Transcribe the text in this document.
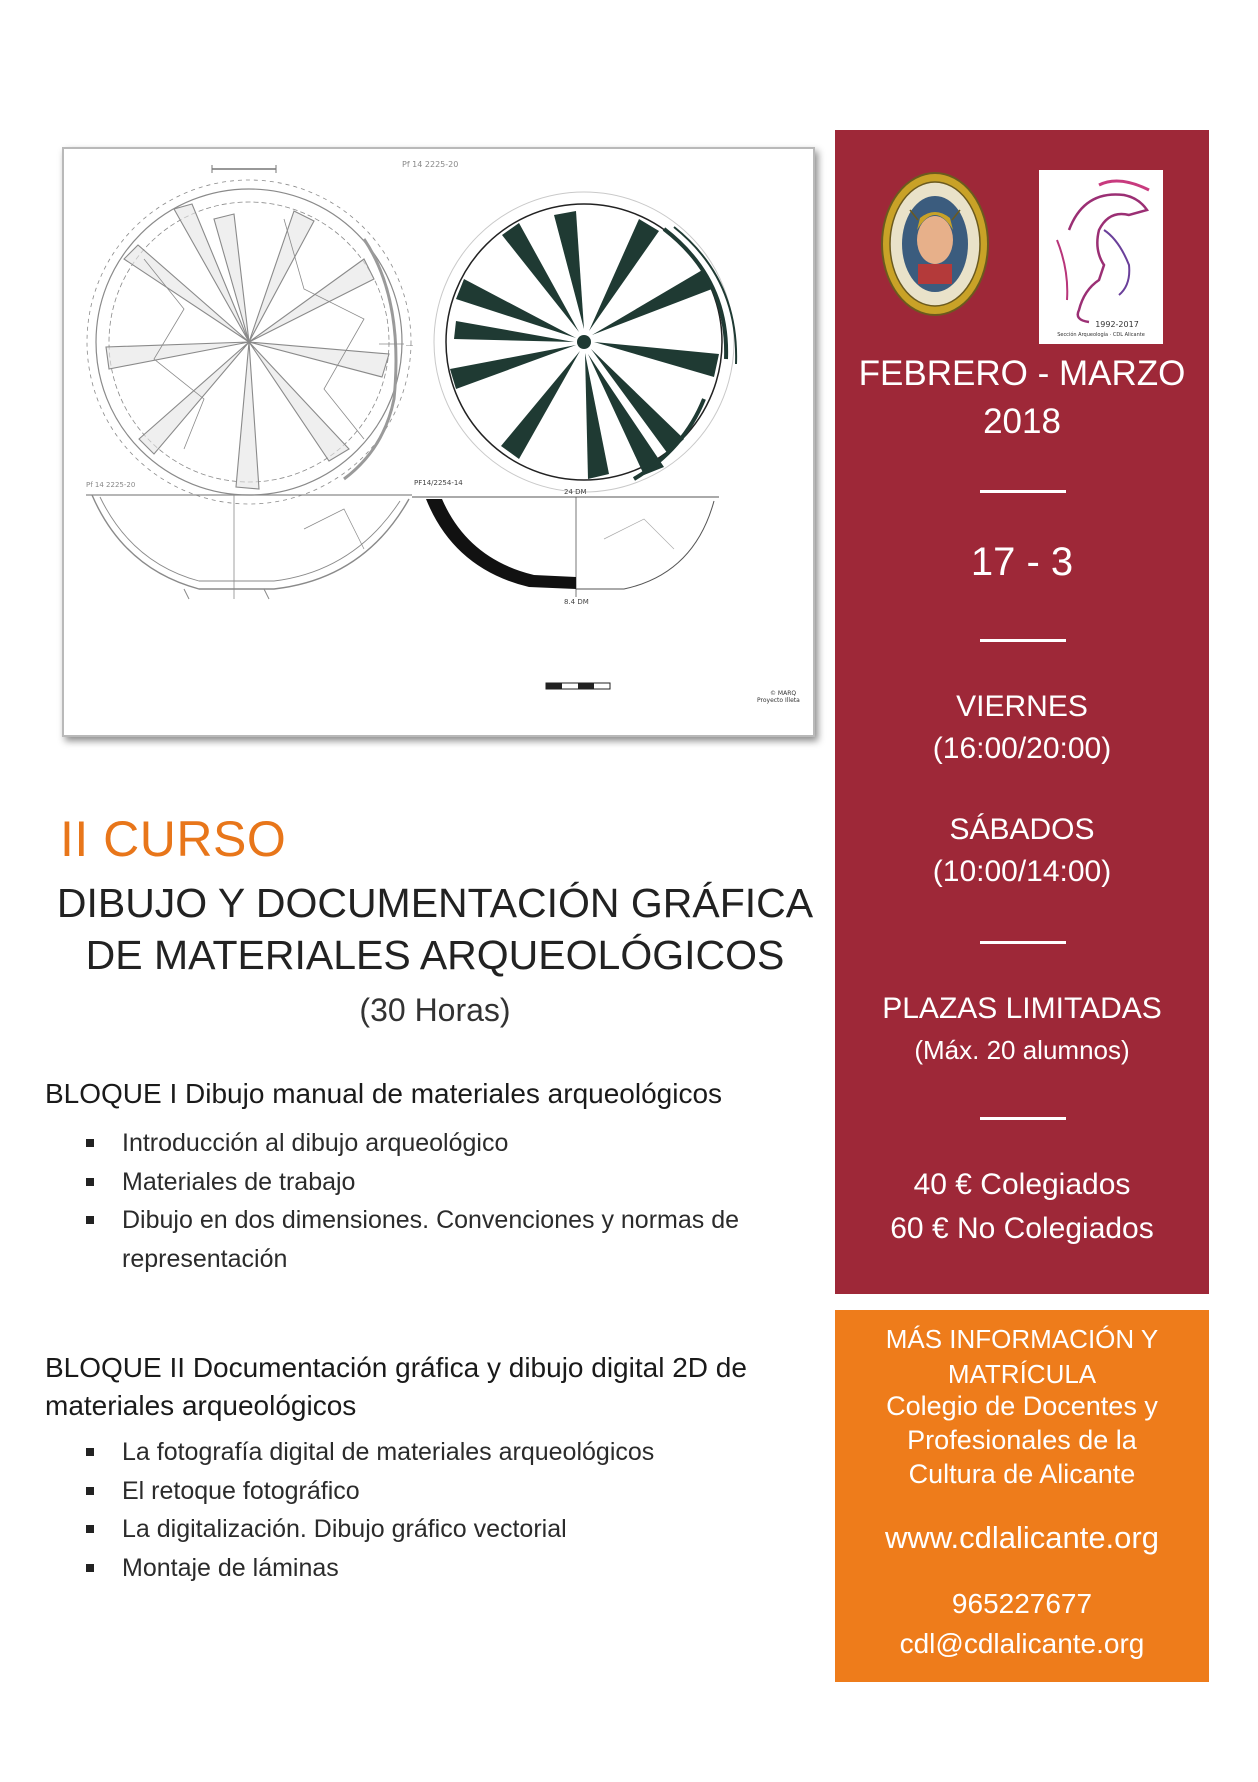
Pf 14 2225-20
—
Pf 14 2225-20	PF14/2254-14
24 DM
8.4 DM
© MARQ
Proyecto Illeta
II CURSO
DIBUJO Y DOCUMENTACIÓN GRÁFICA
DE MATERIALES ARQUEOLÓGICOS
(30 Horas)
BLOQUE I Dibujo manual de materiales arqueológicos
Introducción al dibujo arqueológico
Materiales de trabajo
Dibujo en dos dimensiones. Convenciones y normas de representación
BLOQUE II Documentación gráfica y dibujo digital 2D de materiales arqueológicos
La fotografía digital de materiales arqueológicos
El retoque fotográfico
La digitalización. Dibujo gráfico vectorial
Montaje de láminas
1992-2017
Sección Arqueología · CDL Alicante
FEBRERO - MARZO
2018
17 - 3
VIERNES
(16:00/20:00)
SÁBADOS
(10:00/14:00)
PLAZAS LIMITADAS
(Máx. 20 alumnos)
40 € Colegiados
60 € No Colegiados
MÁS INFORMACIÓN Y
MATRÍCULA
Colegio de Docentes y
Profesionales de la
Cultura de Alicante
www.cdlalicante.org
965227677
cdl@cdlalicante.org
